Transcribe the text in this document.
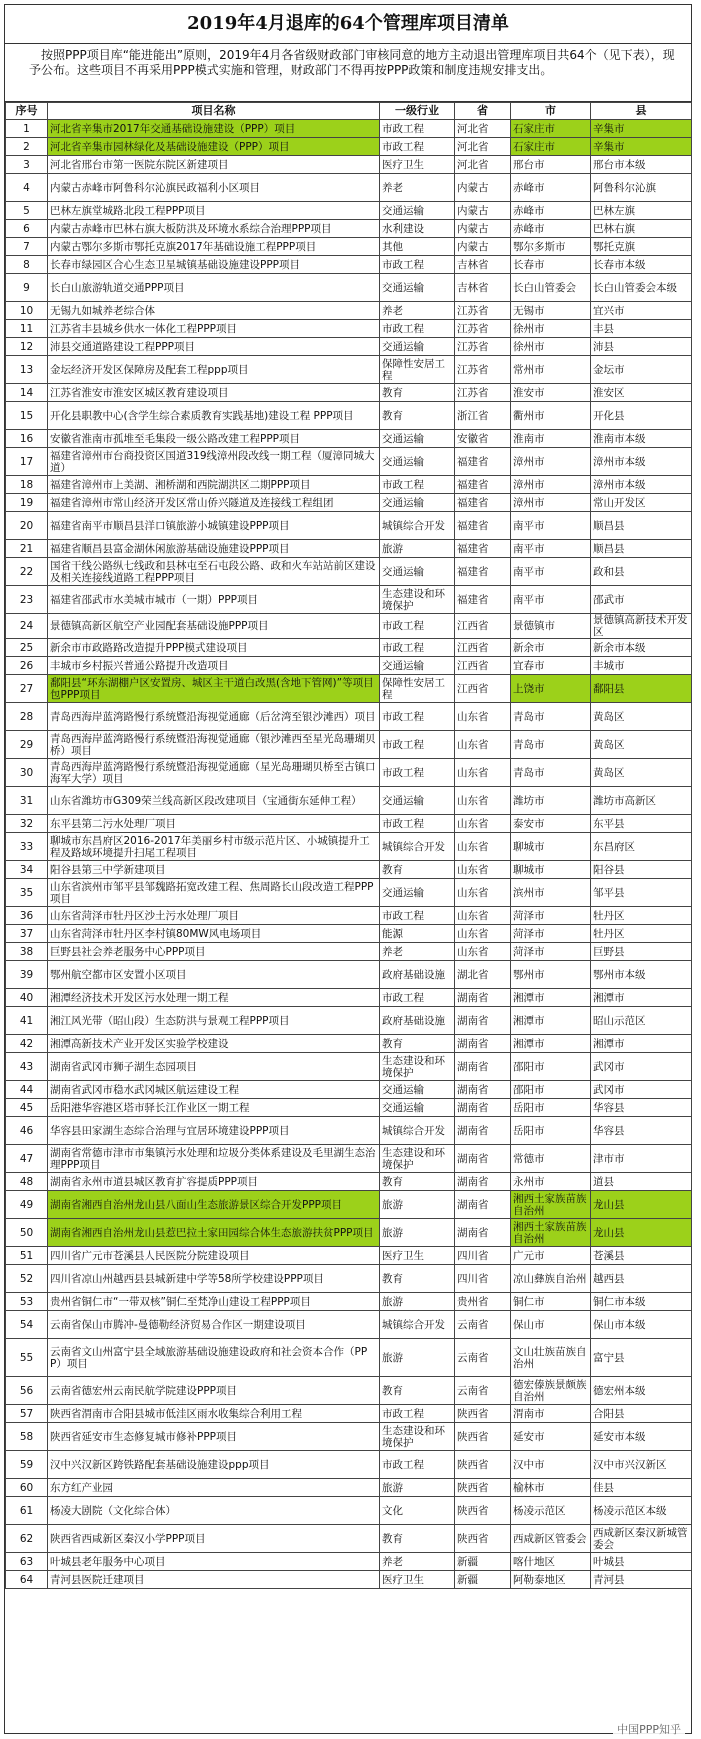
2019年4月退库的64个管理库项目清单
按照PPP项目库“能进能出”原则，2019年4月各省级财政部门审核同意的地方主动退出管理库项目共64个（见下表），现予公布。这些项目不再采用PPP模式实施和管理，财政部门不得再按PPP政策和制度违规安排支出。
序号	项目名称	一级行业	省	市	县
1	河北省辛集市2017年交通基础设施建设（PPP）项目	市政工程	河北省	石家庄市	辛集市
2	河北省辛集市园林绿化及基础设施建设（PPP）项目	市政工程	河北省	石家庄市	辛集市
3	河北省邢台市第一医院东院区新建项目	医疗卫生	河北省	邢台市	邢台市本级
4	内蒙古赤峰市阿鲁科尔沁旗民政福利小区项目	养老	内蒙古	赤峰市	阿鲁科尔沁旗
5	巴林左旗堂城路北段工程PPP项目	交通运输	内蒙古	赤峰市	巴林左旗
6	内蒙古赤峰市巴林右旗大板防洪及环境水系综合治理PPP项目	水利建设	内蒙古	赤峰市	巴林右旗
7	内蒙古鄂尔多斯市鄂托克旗2017年基础设施工程PPP项目	其他	内蒙古	鄂尔多斯市	鄂托克旗
8	长春市绿园区合心生态卫星城镇基础设施建设PPP项目	市政工程	吉林省	长春市	长春市本级
9	长白山旅游轨道交通PPP项目	交通运输	吉林省	长白山管委会	长白山管委会本级
10	无锡九如城养老综合体	养老	江苏省	无锡市	宜兴市
11	江苏省丰县城乡供水一体化工程PPP项目	市政工程	江苏省	徐州市	丰县
12	沛县交通道路建设工程PPP项目	交通运输	江苏省	徐州市	沛县
13	金坛经济开发区保障房及配套工程ppp项目	保障性安居工程	江苏省	常州市	金坛市
14	江苏省淮安市淮安区城区教育建设项目	教育	江苏省	淮安市	淮安区
15	开化县职教中心(含学生综合素质教育实践基地)建设工程 PPP项目	教育	浙江省	衢州市	开化县
16	安徽省淮南市孤堆至毛集段一级公路改建工程PPP项目	交通运输	安徽省	淮南市	淮南市本级
17	福建省漳州市台商投资区国道319线漳州段改线一期工程（厦漳同城大道）	交通运输	福建省	漳州市	漳州市本级
18	福建省漳州市上美湖、湘桥湖和西院湖洪区二期PPP项目	市政工程	福建省	漳州市	漳州市本级
19	福建省漳州市常山经济开发区常山侨兴隧道及连接线工程组团	交通运输	福建省	漳州市	常山开发区
20	福建省南平市顺昌县洋口镇旅游小城镇建设PPP项目	城镇综合开发	福建省	南平市	顺昌县
21	福建省顺昌县富金湖休闲旅游基础设施建设PPP项目	旅游	福建省	南平市	顺昌县
22	国省干线公路纵七线政和县林屯至石屯段公路、政和火车站站前区建设及相关连接线道路工程PPP项目	交通运输	福建省	南平市	政和县
23	福建省邵武市水美城市城市（一期）PPP项目	生态建设和环境保护	福建省	南平市	邵武市
24	景德镇高新区航空产业园配套基础设施PPP项目	市政工程	江西省	景德镇市	景德镇高新技术开发区
25	新余市市政路路改造提升PPP模式建设项目	市政工程	江西省	新余市	新余市本级
26	丰城市乡村振兴普通公路提升改造项目	交通运输	江西省	宜春市	丰城市
27	鄱阳县“环东湖棚户区安置房、城区主干道白改黑(含地下管网)”等项目包PPP项目	保障性安居工程	江西省	上饶市	鄱阳县
28	青岛西海岸蓝湾路慢行系统暨沿海视觉通廊（后岔湾至银沙滩西）项目	市政工程	山东省	青岛市	黄岛区
29	青岛西海岸蓝湾路慢行系统暨沿海视觉通廊（银沙滩西至星光岛珊瑚贝桥）项目	市政工程	山东省	青岛市	黄岛区
30	青岛西海岸蓝湾路慢行系统暨沿海视觉通廊（星光岛珊瑚贝桥至古镇口海军大学）项目	市政工程	山东省	青岛市	黄岛区
31	山东省潍坊市G309荣兰线高新区段改建项目（宝通街东延伸工程）	交通运输	山东省	潍坊市	潍坊市高新区
32	东平县第二污水处理厂项目	市政工程	山东省	泰安市	东平县
33	聊城市东昌府区2016-2017年美丽乡村市级示范片区、小城镇提升工程及路域环境提升扫尾工程项目	城镇综合开发	山东省	聊城市	东昌府区
34	阳谷县第三中学新建项目	教育	山东省	聊城市	阳谷县
35	山东省滨州市邹平县邹魏路拓宽改建工程、焦周路长山段改造工程PPP项目	交通运输	山东省	滨州市	邹平县
36	山东省菏泽市牡丹区沙土污水处理厂项目	市政工程	山东省	菏泽市	牡丹区
37	山东省菏泽市牡丹区李村镇80MW风电场项目	能源	山东省	菏泽市	牡丹区
38	巨野县社会养老服务中心PPP项目	养老	山东省	菏泽市	巨野县
39	鄂州航空都市区安置小区项目	政府基础设施	湖北省	鄂州市	鄂州市本级
40	湘潭经济技术开发区污水处理一期工程	市政工程	湖南省	湘潭市	湘潭市
41	湘江风光带（昭山段）生态防洪与景观工程PPP项目	政府基础设施	湖南省	湘潭市	昭山示范区
42	湘潭高新技术产业开发区实验学校建设	教育	湖南省	湘潭市	湘潭市
43	湖南省武冈市狮子湖生态园项目	生态建设和环境保护	湖南省	邵阳市	武冈市
44	湖南省武冈市稳水武冈城区航运建设工程	交通运输	湖南省	邵阳市	武冈市
45	岳阳港华容港区塔市驿长江作业区一期工程	交通运输	湖南省	岳阳市	华容县
46	华容县田家湖生态综合治理与宜居环境建设PPP项目	城镇综合开发	湖南省	岳阳市	华容县
47	湖南省常德市津市市集镇污水处理和垃圾分类体系建设及毛里湖生态治理PPP项目	生态建设和环境保护	湖南省	常德市	津市市
48	湖南省永州市道县城区教育扩容提质PPP项目	教育	湖南省	永州市	道县
49	湖南省湘西自治州龙山县八面山生态旅游景区综合开发PPP项目	旅游	湖南省	湘西土家族苗族自治州	龙山县
50	湖南省湘西自治州龙山县惹巴拉土家田园综合体生态旅游扶贫PPP项目	旅游	湖南省	湘西土家族苗族自治州	龙山县
51	四川省广元市苍溪县人民医院分院建设项目	医疗卫生	四川省	广元市	苍溪县
52	四川省凉山州越西县县城新建中学等58所学校建设PPP项目	教育	四川省	凉山彝族自治州	越西县
53	贵州省铜仁市“一带双核”铜仁至梵净山建设工程PPP项目	旅游	贵州省	铜仁市	铜仁市本级
54	云南省保山市腾冲-曼德勒经济贸易合作区一期建设项目	城镇综合开发	云南省	保山市	保山市本级
55	云南省文山州富宁县全域旅游基础设施建设政府和社会资本合作（PPP）项目	旅游	云南省	文山壮族苗族自治州	富宁县
56	云南省德宏州云南民航学院建设PPP项目	教育	云南省	德宏傣族景颇族自治州	德宏州本级
57	陕西省渭南市合阳县城市低洼区雨水收集综合利用工程	市政工程	陕西省	渭南市	合阳县
58	陕西省延安市生态修复城市修补PPP项目	生态建设和环境保护	陕西省	延安市	延安市本级
59	汉中兴汉新区跨铁路配套基础设施建设ppp项目	市政工程	陕西省	汉中市	汉中市兴汉新区
60	东方红产业园	旅游	陕西省	榆林市	佳县
61	杨凌大剧院（文化综合体）	文化	陕西省	杨凌示范区	杨凌示范区本级
62	陕西省西咸新区秦汉小学PPP项目	教育	陕西省	西咸新区管委会	西咸新区秦汉新城管委会
63	叶城县老年服务中心项目	养老	新疆	喀什地区	叶城县
64	青河县医院迁建项目	医疗卫生	新疆	阿勒泰地区	青河县
中国PPP知乎
